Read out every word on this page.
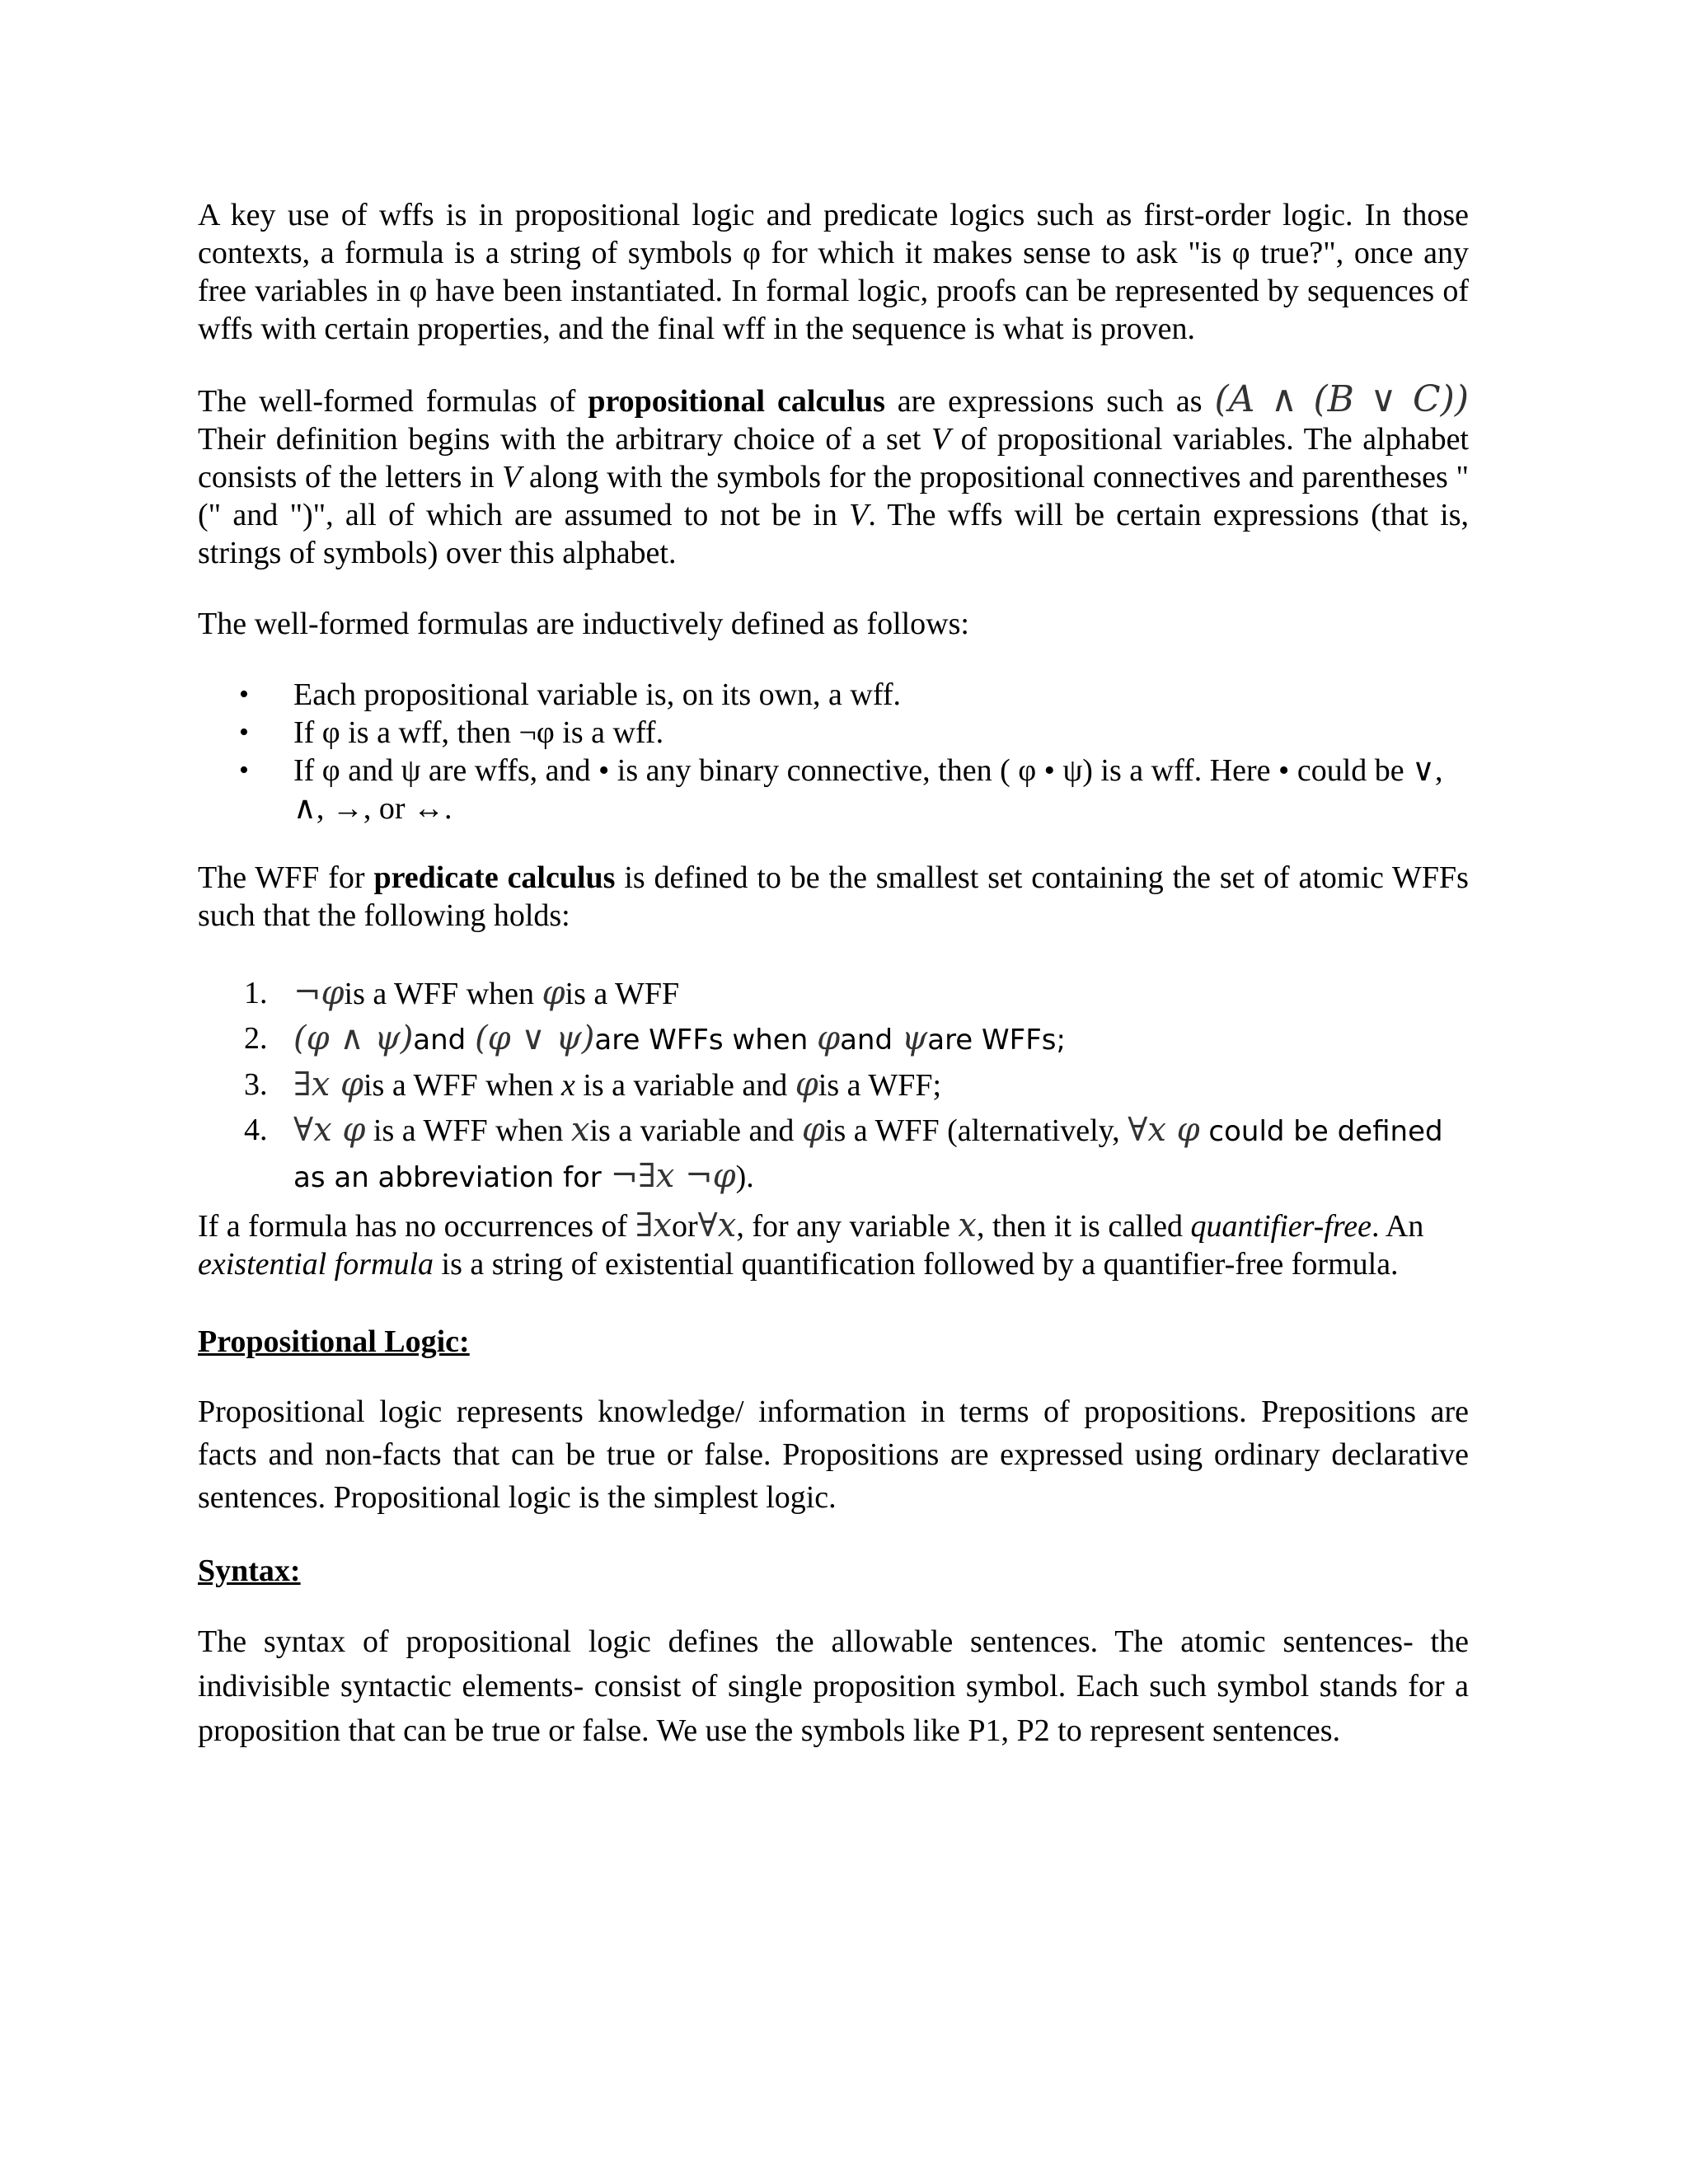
A key use of wffs is in propositional logic and predicate logics such as first-order logic. In those contexts, a formula is a string of symbols φ for which it makes sense to ask "is φ true?", once any free variables in φ have been instantiated. In formal logic, proofs can be represented by sequences of wffs with certain properties, and the final wff in the sequence is what is proven.

The well-formed formulas of propositional calculus are expressions such as (A ∧ (B ∨ C)) Their definition begins with the arbitrary choice of a set V of propositional variables. The alphabet consists of the letters in V along with the symbols for the propositional connectives and parentheses "(" and ")", all of which are assumed to not be in V. The wffs will be certain expressions (that is, strings of symbols) over this alphabet.

The well-formed formulas are inductively defined as follows:

• Each propositional variable is, on its own, a wff.
• If φ is a wff, then ¬φ is a wff.
• If φ and ψ are wffs, and • is any binary connective, then ( φ • ψ) is a wff. Here • could be ∨, ∧, →, or ↔.

The WFF for predicate calculus is defined to be the smallest set containing the set of atomic WFFs such that the following holds:

1. ¬φis a WFF when φis a WFF
2. (φ ∧ ψ)and (φ ∨ ψ)are WFFs when φand ψare WFFs;
3. ∃x φis a WFF when x is a variable and φis a WFF;
4. ∀x φ is a WFF when xis a variable and φis a WFF (alternatively, ∀x φ could be defined as an abbreviation for ¬∃x ¬φ).

If a formula has no occurrences of ∃xor∀x, for any variable x, then it is called quantifier-free. An existential formula is a string of existential quantification followed by a quantifier-free formula.

Propositional Logic:

Propositional logic represents knowledge/ information in terms of propositions. Prepositions are facts and non-facts that can be true or false. Propositions are expressed using ordinary declarative sentences. Propositional logic is the simplest logic.

Syntax:

The syntax of propositional logic defines the allowable sentences. The atomic sentences- the indivisible syntactic elements- consist of single proposition symbol. Each such symbol stands for a proposition that can be true or false. We use the symbols like P1, P2 to represent sentences.
